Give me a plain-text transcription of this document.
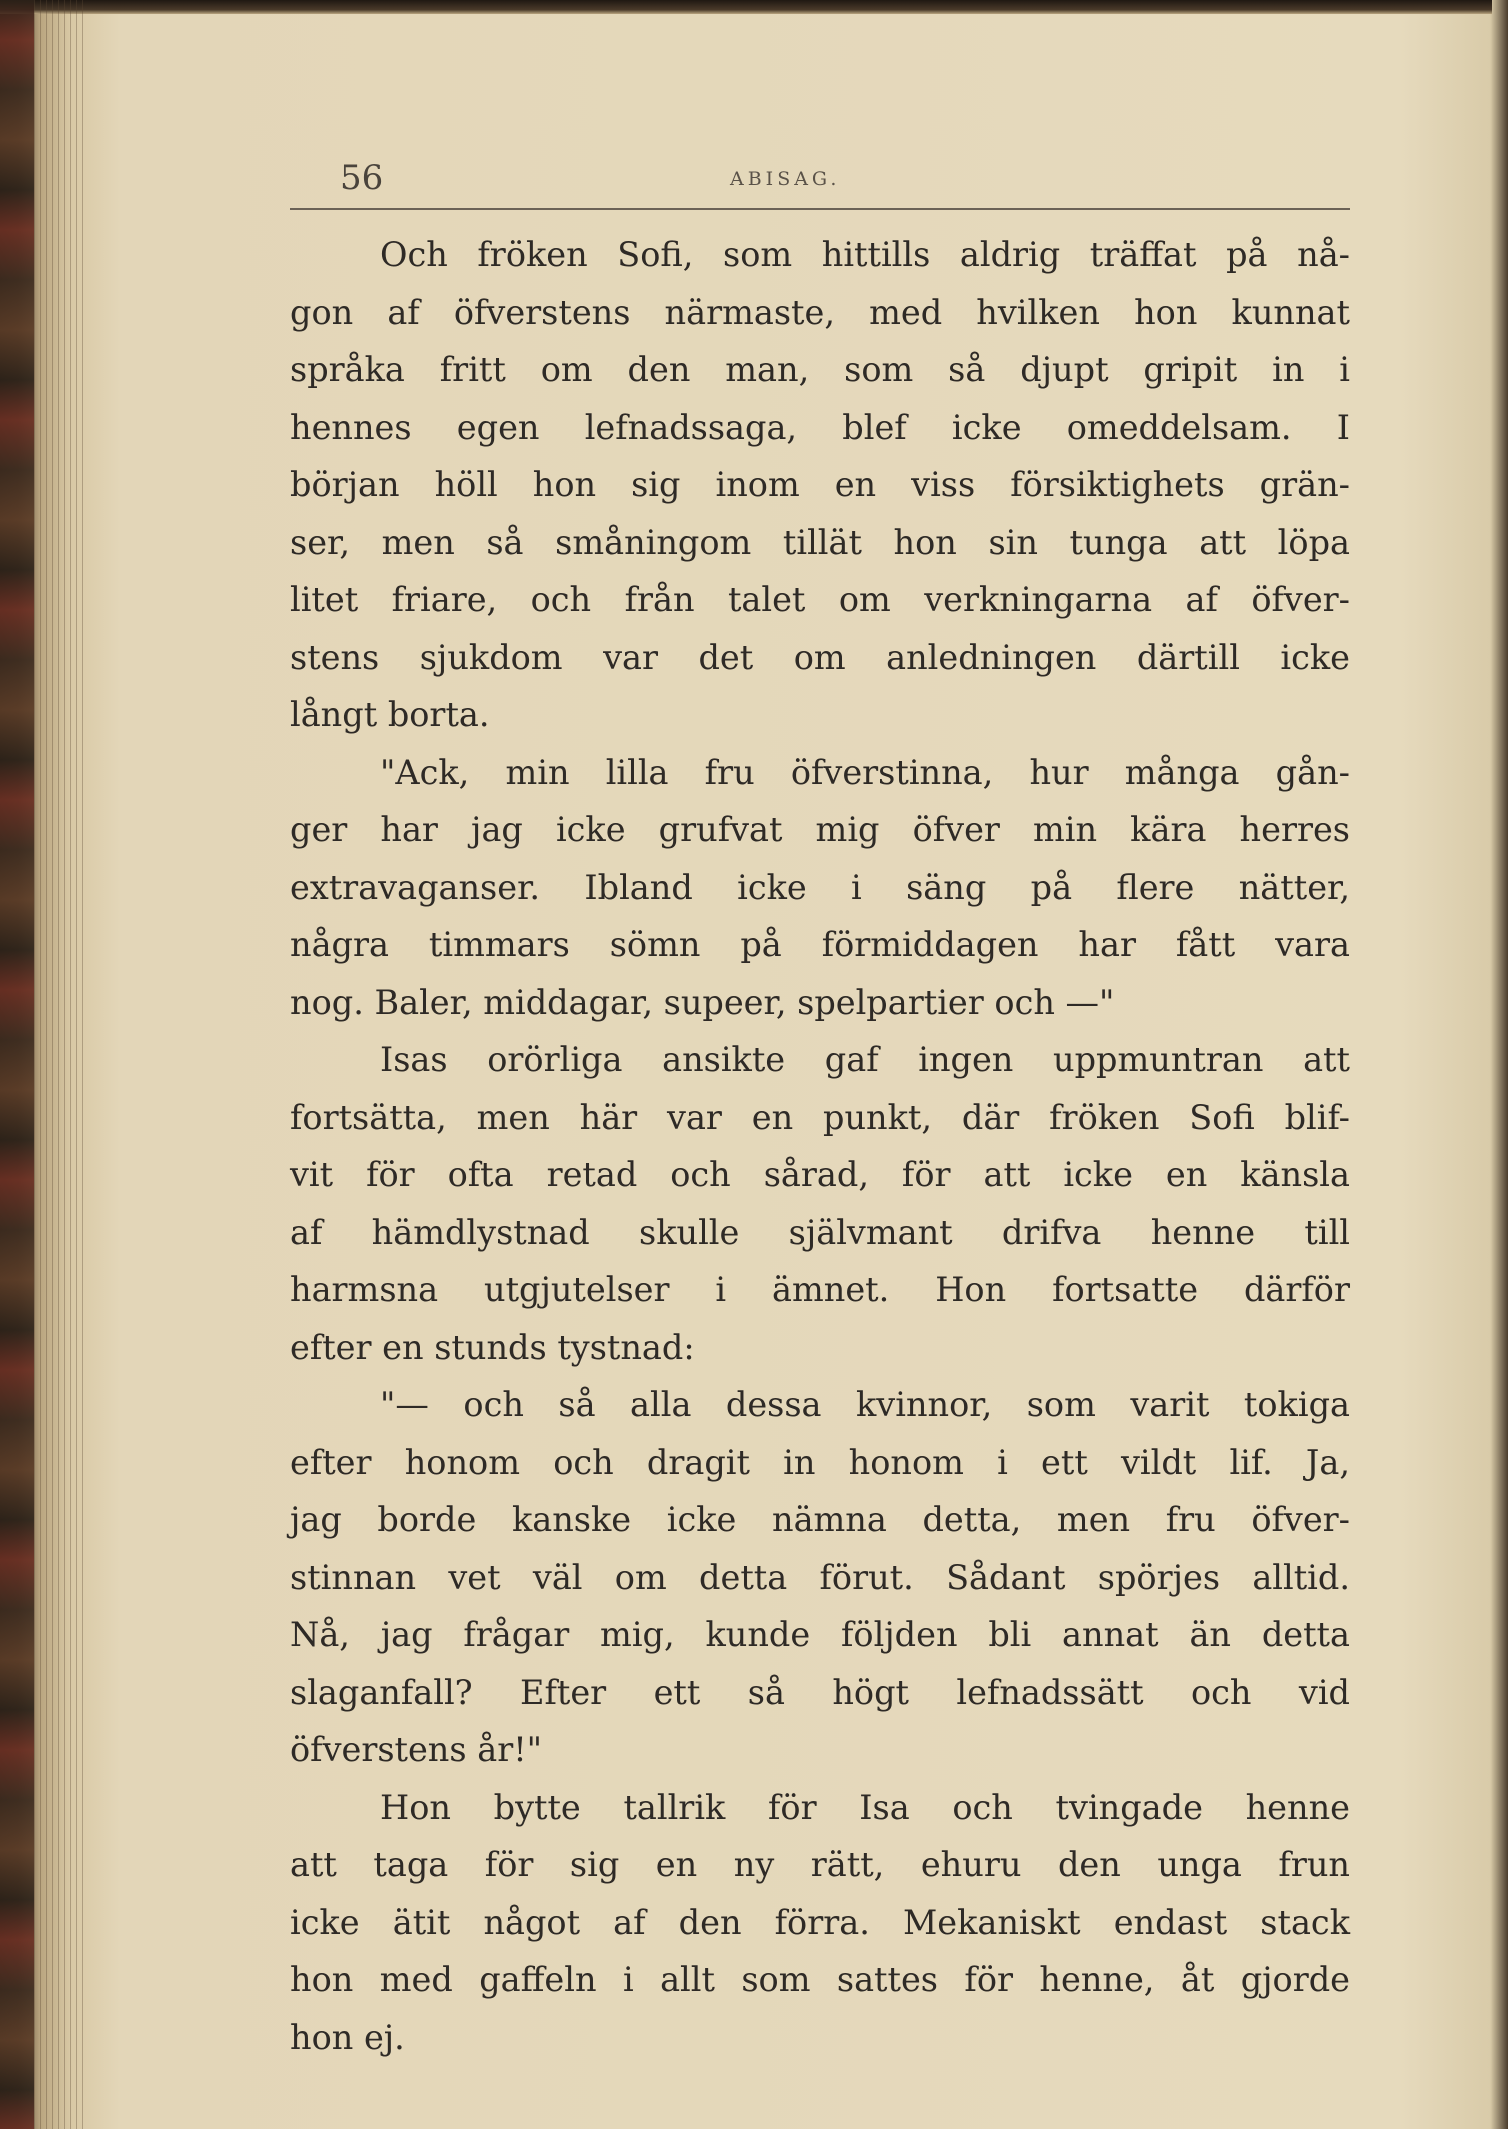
56	ABISAG.
Och fröken Sofi, som hittills aldrig träffat på nå-
gon af öfverstens närmaste, med hvilken hon kunnat
språka fritt om den man, som så djupt gripit in i
hennes egen lefnadssaga, blef icke omeddelsam. I
början höll hon sig inom en viss försiktighets grän-
ser, men så småningom tillät hon sin tunga att löpa
litet friare, och från talet om verkningarna af öfver-
stens sjukdom var det om anledningen därtill icke
långt borta.
"Ack, min lilla fru öfverstinna, hur många gån-
ger har jag icke grufvat mig öfver min kära herres
extravaganser. Ibland icke i säng på flere nätter,
några timmars sömn på förmiddagen har fått vara
nog. Baler, middagar, supeer, spelpartier och —"
Isas orörliga ansikte gaf ingen uppmuntran att
fortsätta, men här var en punkt, där fröken Sofi blif-
vit för ofta retad och sårad, för att icke en känsla
af hämdlystnad skulle självmant drifva henne till
harmsna utgjutelser i ämnet. Hon fortsatte därför
efter en stunds tystnad:
"— och så alla dessa kvinnor, som varit tokiga
efter honom och dragit in honom i ett vildt lif. Ja,
jag borde kanske icke nämna detta, men fru öfver-
stinnan vet väl om detta förut. Sådant spörjes alltid.
Nå, jag frågar mig, kunde följden bli annat än detta
slaganfall? Efter ett så högt lefnadssätt och vid
öfverstens år!"
Hon bytte tallrik för Isa och tvingade henne
att taga för sig en ny rätt, ehuru den unga frun
icke ätit något af den förra. Mekaniskt endast stack
hon med gaffeln i allt som sattes för henne, åt gjorde
hon ej.
